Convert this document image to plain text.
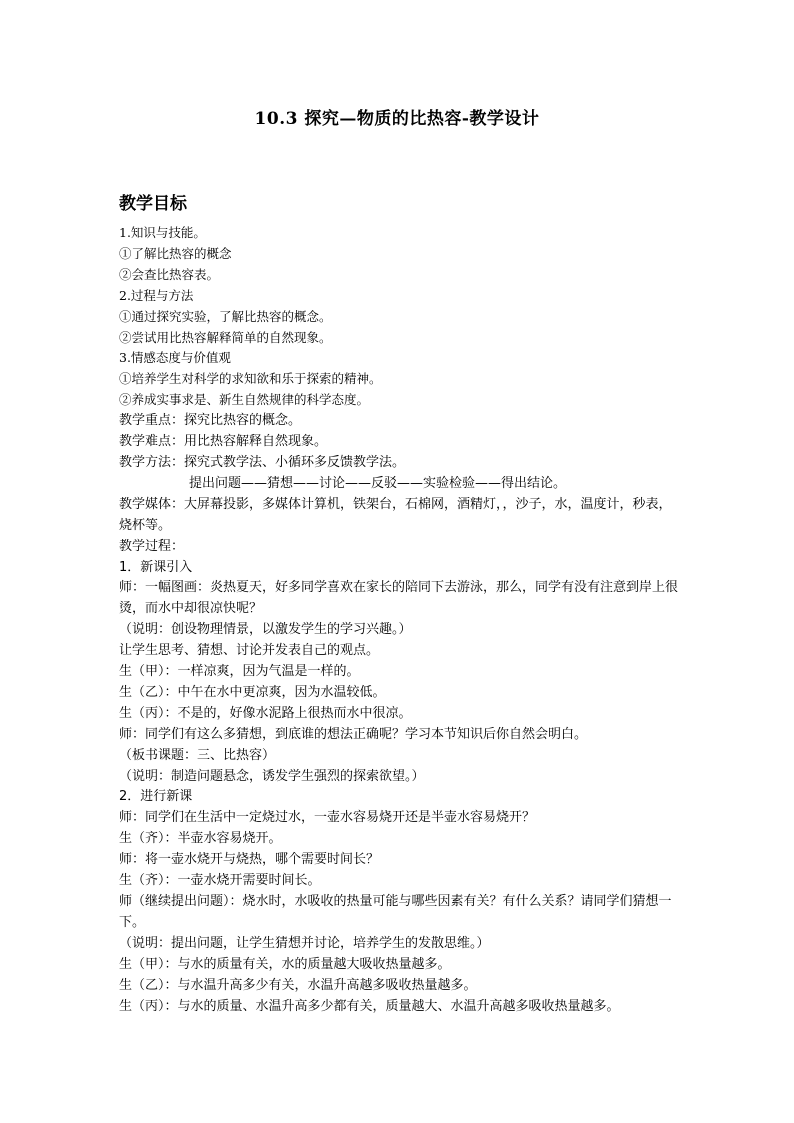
10.3 探究—物质的比热容-教学设计
教学目标
1.知识与技能。
①了解比热容的概念
②会查比热容表。
2.过程与方法
①通过探究实验，了解比热容的概念。
②尝试用比热容解释简单的自然现象。
3.情感态度与价值观
①培养学生对科学的求知欲和乐于探索的精神。
②养成实事求是、新生自然规律的科学态度。
教学重点：探究比热容的概念。
教学难点：用比热容解释自然现象。
教学方法：探究式教学法、小循环多反馈教学法。
提出问题——猜想——讨论——反驳——实验检验——得出结论。
教学媒体：大屏幕投影，多媒体计算机，铁架台，石棉网，酒精灯，，沙子，水，温度计，秒表，烧杯等。
教学过程：
1．新课引入
师：一幅图画：炎热夏天，好多同学喜欢在家长的陪同下去游泳，那么，同学有没有注意到岸上很烫，而水中却很凉快呢？
（说明：创设物理情景，以激发学生的学习兴趣。）
让学生思考、猜想、讨论并发表自己的观点。
生（甲）：一样凉爽，因为气温是一样的。
生（乙）：中午在水中更凉爽，因为水温较低。
生（丙）：不是的，好像水泥路上很热而水中很凉。
师：同学们有这么多猜想，到底谁的想法正确呢？学习本节知识后你自然会明白。
（板书课题：三、比热容）
（说明：制造问题悬念，诱发学生强烈的探索欲望。）
2．进行新课
师：同学们在生活中一定烧过水，一壶水容易烧开还是半壶水容易烧开？
生（齐）：半壶水容易烧开。
师：将一壶水烧开与烧热，哪个需要时间长？
生（齐）：一壶水烧开需要时间长。
师（继续提出问题）：烧水时，水吸收的热量可能与哪些因素有关？有什么关系？请同学们猜想一下。
（说明：提出问题，让学生猜想并讨论，培养学生的发散思维。）
生（甲）：与水的质量有关，水的质量越大吸收热量越多。
生（乙）：与水温升高多少有关，水温升高越多吸收热量越多。
生（丙）：与水的质量、水温升高多少都有关，质量越大、水温升高越多吸收热量越多。
